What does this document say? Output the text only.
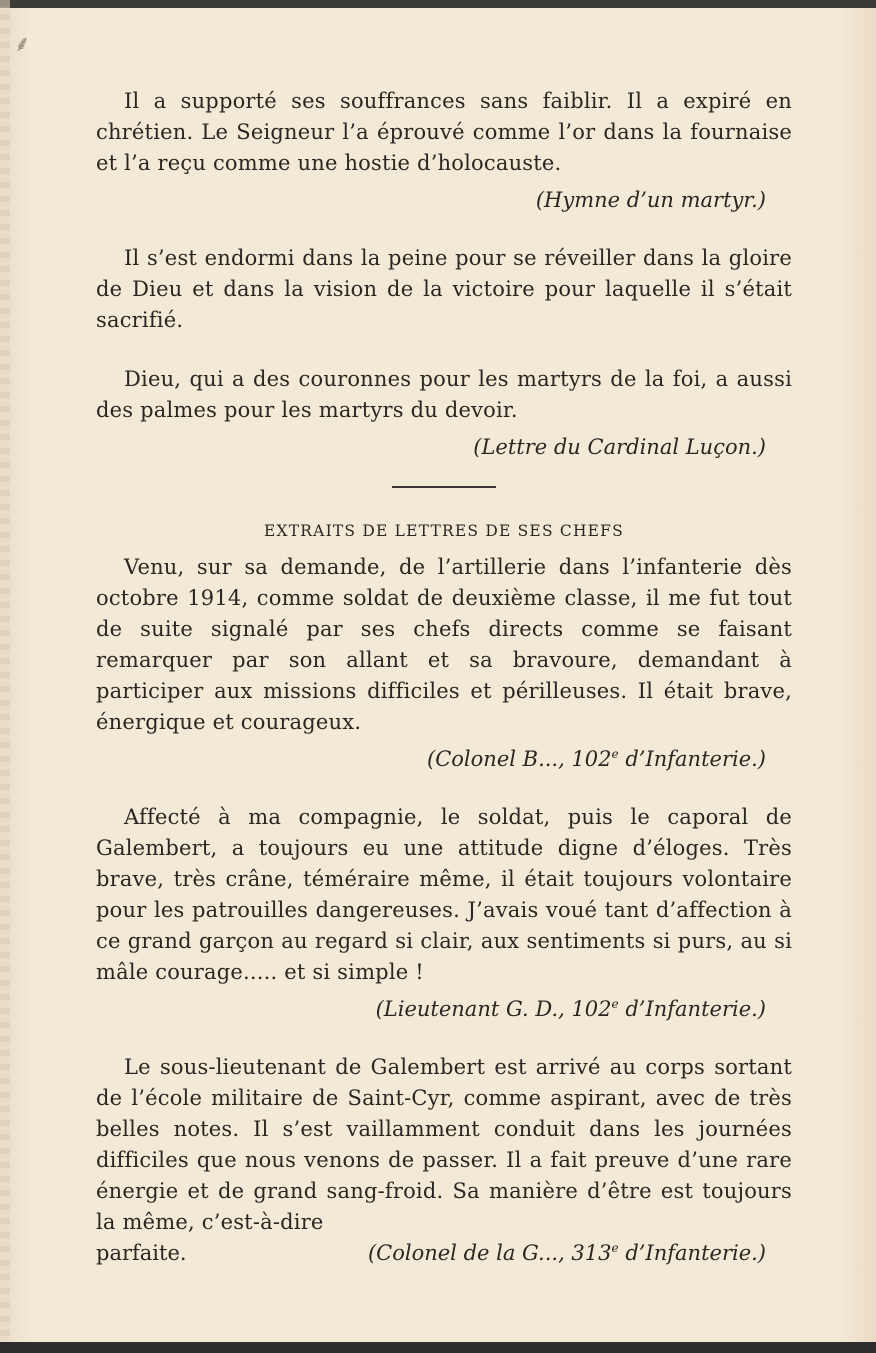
⸙

Il a supporté ses souffrances sans faiblir. Il a expiré en chrétien. Le Seigneur l’a éprouvé comme l’or dans la fournaise et l’a reçu comme une hostie d’holocauste.

(Hymne d’un martyr.)

Il s’est endormi dans la peine pour se réveiller dans la gloire de Dieu et dans la vision de la victoire pour laquelle il s’était sacrifié.

Dieu, qui a des couronnes pour les martyrs de la foi, a aussi des palmes pour les martyrs du devoir.

(Lettre du Cardinal Luçon.)

EXTRAITS DE LETTRES DE SES CHEFS

Venu, sur sa demande, de l’artillerie dans l’infanterie dès octobre 1914, comme soldat de deuxième classe, il me fut tout de suite signalé par ses chefs directs comme se faisant remarquer par son allant et sa bravoure, demandant à participer aux missions difficiles et périlleuses. Il était brave, énergique et courageux.

(Colonel B..., 102e d’Infanterie.)

Affecté à ma compagnie, le soldat, puis le caporal de Galembert, a toujours eu une attitude digne d’éloges. Très brave, très crâne, téméraire même, il était toujours volontaire pour les patrouilles dangereuses. J’avais voué tant d’affection à ce grand garçon au regard si clair, aux sentiments si purs, au si mâle courage..... et si simple !

(Lieutenant G. D., 102e d’Infanterie.)

Le sous-lieutenant de Galembert est arrivé au corps sortant de l’école militaire de Saint-Cyr, comme aspirant, avec de très belles notes. Il s’est vaillamment conduit dans les journées difficiles que nous venons de passer. Il a fait preuve d’une rare énergie et de grand sang-froid. Sa manière d’être est toujours la même, c’est-à-dire

parfaite.	(Colonel de la G..., 313e d’Infanterie.)
